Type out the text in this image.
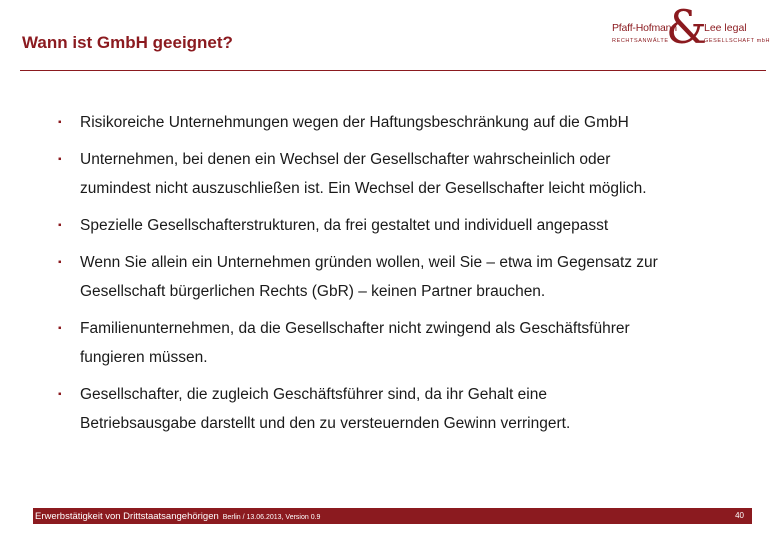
Wann ist GmbH geeignet?
Pfaff-Hofmann
RECHTSANWÄLTE
&
Lee legal
GESELLSCHAFT mbH
▪	Risikoreiche Unternehmungen wegen der Haftungsbeschränkung auf die GmbH
▪	Unternehmen, bei denen ein Wechsel der Gesellschafter wahrscheinlich oder
zumindest nicht auszuschließen ist. Ein Wechsel der Gesellschafter leicht möglich.
▪	Spezielle Gesellschafterstrukturen, da frei gestaltet und individuell angepasst
▪	Wenn Sie allein ein Unternehmen gründen wollen, weil Sie – etwa im Gegensatz zur
Gesellschaft bürgerlichen Rechts (GbR) – keinen Partner brauchen.
▪	Familienunternehmen, da die Gesellschafter nicht zwingend als Geschäftsführer
fungieren müssen.
▪	Gesellschafter, die zugleich Geschäftsführer sind, da ihr Gehalt eine
Betriebsausgabe darstellt und den zu versteuernden Gewinn verringert.
Erwerbstätigkeit von Drittstaatsangehörigen Berlin / 13.06.2013, Version 0.9	40
